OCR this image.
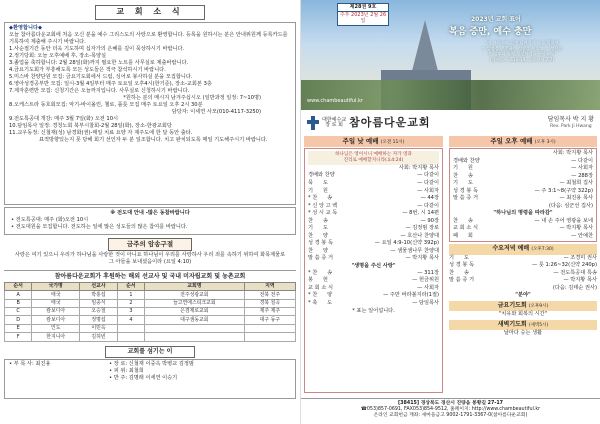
교 회 소 식

◆환영합니다◆

오늘 참아름다운교회에 처음 오신 분을 예수 그리스도의 사랑으로 환영합니다. 등록을 원하시는 분은 안내위원께 등록카드를 기록하여 제출해 주시기 바랍니다.

1.사순절기간 동안 더욱 기도하며 십자가의 은혜를 깊이 묵상하시기 바랍니다.

2.정기당회: 오늘 오후예배 후, 장소-목양실

3.졸업을 축하합니다: 2월 28일(화)까지 필요한 노트를 사무실로 제출바랍니다.

4.금요기도회가 부흥해도록 모든 성도들은 적극 참석하시기 바랍니다.

5.미스바 찬양단원 모집: 금요기도회에서 드럼, 싱어로 봉사하실 분을 모집합니다.

6.영아성경공부반 모집: 일시-3월 4일부터 매주 토요일 오후4시(한기준), 장소-교회본 3층

7.제자훈련반 모집: 신청기간은 오늘까지입니다. 사무실로 신청하시기 바랍니다.

*원하는 분의 메시지 남겨주십시오 (일반과정 일정: 7~10명)

8.오케스트라 동호회모집: 악기-바이올린, 첼로, 플룻 모집 매주 토요일 오후 2시 30분

담당자: 이세연 사모(010-4117-3250)

9.전도특공대 개강: 매주 3월 7일(화) 오전 10시

10.담임목사 일정: 경청노회 북부시찰회-2월 28일(화), 장소-한광교회당

11.교우동정: 신철재(성) 남경화(권)-매일 치료 요양 자 제주도에 한 달 동안 출타.

표적방향있는지 못 당해 회기 선인자 두 분 일조합니다. 치고 완치되도록 매일 기도해주시기 바랍니다.

※ 전도대 안내 -많은 동참바랍니다

• 전도특공대: 매주 (화)오전 10시

• 전도대원을 모집합니다. 전도하는 일에 많은 성도들의 많은 참여를 바랍니다.

금주의 암송구절

사랑은 여기 있으니 우리가 하나님을 사랑한 것이 아니요 하나님이 우리를 사랑하사 우리 죄를 속하기 위하여 화목제물로 그 아들을 보내셨음이라 (요일 4:10)

참아름다운교회가 후원하는 해외 선교사 및 국내 미자립교회 및 농촌교회
순서	국가명	선교사	순서	교회명	지역
A	태국	박홍섭	1	전주성광교회	전북 전주
B	태국	임종식	2	늘고연애스티크교회	경북 칠곡
C	캄보디아	오승철	3	은겸제로교회	제주 제주
D	캄보디아	정명섭	4	대구샘동교회	대구 동구
E	인도	이민옥			
F	한지니아	김허빈			
교회를 섬기는 이

• 부 목 사: 최진용	• 장 로: 신철재 이중옥 박병교 김정범

• 피 위: 최철희

• 반 주: 김명래 이세연 이승기

제28권 9호
주후 2023년 2월 26일	2023년 교회 표어
복음 중만, 예수 충만
"이 그리스도 앞에 나아가서 그를 위하여
그 말씀을 순종하는 성장을 이루고 그 정신을
온 성도와 함께 성장하기를 구하노라"
(에베소서 3:18-19, 골로새서 2:7)
www.chambeautiful.kr
대한예수교
장 로 회 참아름다운교회	담임목사 박 지 황
Rev. Park Ji Hwang
주일 낮 예배 (오전 11시)
하나님은 영이시니 예배하는 자가 영과
진리로 예배할지니라(요4:24)
사회: 박지황 목사
경배와 찬양	— 다같이
묵      도	— 다같이
기      원	— 사회자
* 찬      송	— 44장
* 신 앙 고 백	— 다같이
* 성 시 교 독	— 8번, 시 14편
찬      송	— 90장
기      도	— 김정범 장로
찬      양	— 호산나 찬양대
성 경 봉 독	— 요일 4:9-10(신약 392p)
찬      양	— 샘물샘나무 찬양대
말 씀 증 거	— 박지황 목사
"생명을 주신 사랑"
* 찬      송	— 311장
봉      헌	— 헌금위원
교 회 소 식	— 사회자
* 찬      양	— 주만 바라볼지라(1절)
* 축      도	— 담임목사
* 표는 일어섭니다.
주일 오후 예배 (오후 3시)
사회: 박지황 목사
경배와 찬양	— 다같이
기      원	— 사회자
찬      송	— 288장
기      도	— 최철희 집사
성 경 봉 독	— 주 3:1~8(구약 322p)
말 씀 증 거	— 최진용 목사
(다음: 심군선 집사)
"하나님의 명령을 따라감"
찬      송	— 내 손 주어 영광을 보네
교 회 소 식	— 박지황 목사
폐      회	— 안예찬
수요저녁 예배 (오후7:30)
기      도	— 조경미 권사
성 경 봉 독	— 룻 1:26~32(신약 240p)
찬      송	— 전도특공대 특송
말 씀 증 거	— 박지황 목사
(다음: 김태순 권사)
"분야"
금요기도회 (오후9시)
"치유와 회복의 시간"
새벽기도회 (새벽5시)
날마다 승는 생활
[38415] 경상북도 경산시 진량읍 봉황길 27-17
☎053)857-0691, FAX053)854-9512, 홈페이지: http://www.chambeautiful.kr
온라인 교회헌금 계좌: 새마을금고 9002-1791-3367-0(참아름다운교회)
